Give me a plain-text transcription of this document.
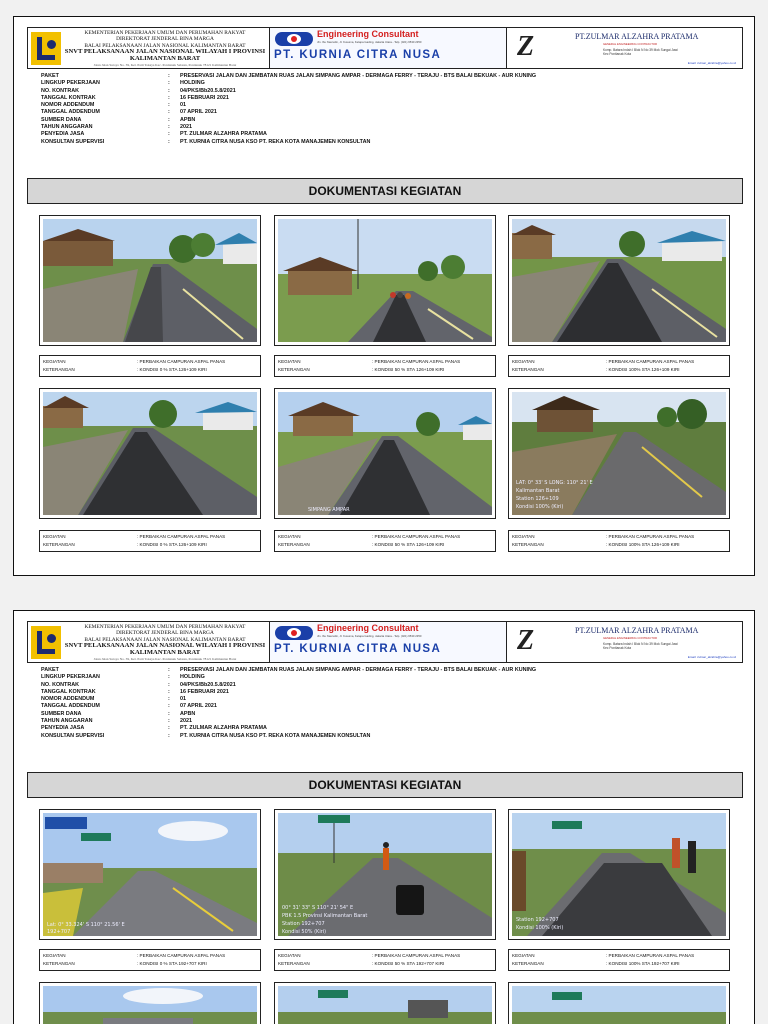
KEMENTERIAN PEKERJAAN UMUM DAN PERUMAHAN RAKYAT
DIREKTORAT JENDERAL BINA MARGA
BALAI PELAKSANAAN JALAN NASIONAL KALIMANTAN BARAT
SNVT PELAKSANAAN JALAN NASIONAL WILAYAH I PROVINSI KALIMANTAN BARAT
Jalan Jalan Sutoyo No. 39, Kel. Parit Tokaya Kec. Pontianak Selatan, Pontianak 78121 Kalimantan Barat
Engineering Consultant
Jln. Ibu Nasrudin, Jl. Kusuma, Kelapa Gading, Jakarta Utara - Telp. (021) 6530 2350
PT. KURNIA CITRA NUSA	Z	PT.ZULMAR ALZAHRA PRATAMA
GENERAL ENGINEERING CONTRACTOR
Komp. Batara Indah I Blok N No 39 Mok Sungai Jawi
Kec Pontianak Kota
Email: zulmar_alzahra@yahoo.co.id
PAKET	:	PRESERVASI JALAN DAN JEMBATAN RUAS JALAN SIMPANG AMPAR - DERMAGA FERRY - TERAJU - BTS BALAI BEKUAK - AUR KUNING
LINGKUP PEKERJAAN	:	HOLDING
NO. KONTRAK	:	04/PKS/Bb20.5.8/2021
TANGGAL KONTRAK	:	16 FEBRUARI 2021
NOMOR ADDENDUM	:	01
TANGGAL ADDENDUM	:	07 APRIL 2021
SUMBER DANA	:	APBN
TAHUN ANGGARAN	:	2021
PENYEDIA JASA	:	PT. ZULMAR ALZAHRA PRATAMA
KONSULTAN SUPERVISI	:	PT. KURNIA CITRA NUSA KSO PT. REKA KOTA MANAJEMEN KONSULTAN
DOKUMENTASI KEGIATAN
KEGIATAN	: PERBAIKAN CAMPURAN ASPAL PANAS
KETERANGAN	: KONDISI 0 % STA 126+109 KIRI
KEGIATAN	: PERBAIKAN CAMPURAN ASPAL PANAS
KETERANGAN	: KONDISI 50 % STA 126+109 KIRI
KEGIATAN	: PERBAIKAN CAMPURAN ASPAL PANAS
KETERANGAN	: KONDISI 100% STA 126+109 KIRI
SIMPANG AMPAR
LAT: 0° 33' S LONG: 110° 21' E
Kalimantan Barat
Station 126+109
Kondisi 100% (Kiri)
KEGIATAN	: PERBAIKAN CAMPURAN ASPAL PANAS
KETERANGAN	: KONDISI 0 % STA 126+109 KIRI
KEGIATAN	: PERBAIKAN CAMPURAN ASPAL PANAS
KETERANGAN	: KONDISI 50 % STA 126+109 KIRI
KEGIATAN	: PERBAIKAN CAMPURAN ASPAL PANAS
KETERANGAN	: KONDISI 100% STA 126+109 KIRI
KEMENTERIAN PEKERJAAN UMUM DAN PERUMAHAN RAKYAT
DIREKTORAT JENDERAL BINA MARGA
BALAI PELAKSANAAN JALAN NASIONAL KALIMANTAN BARAT
SNVT PELAKSANAAN JALAN NASIONAL WILAYAH I PROVINSI KALIMANTAN BARAT
Jalan Jalan Sutoyo No. 39, Kel. Parit Tokaya Kec. Pontianak Selatan, Pontianak 78121 Kalimantan Barat
Engineering Consultant
Jln. Ibu Nasrudin, Jl. Kusuma, Kelapa Gading, Jakarta Utara - Telp. (021) 6530 2350
PT. KURNIA CITRA NUSA	Z	PT.ZULMAR ALZAHRA PRATAMA
GENERAL ENGINEERING CONTRACTOR
Komp. Batara Indah I Blok N No 39 Mok Sungai Jawi
Kec Pontianak Kota
Email: zulmar_alzahra@yahoo.co.id
PAKET	:	PRESERVASI JALAN DAN JEMBATAN RUAS JALAN SIMPANG AMPAR - DERMAGA FERRY - TERAJU - BTS BALAI BEKUAK - AUR KUNING
LINGKUP PEKERJAAN	:	HOLDING
NO. KONTRAK	:	04/PKS/Bb20.5.8/2021
TANGGAL KONTRAK	:	16 FEBRUARI 2021
NOMOR ADDENDUM	:	01
TANGGAL ADDENDUM	:	07 APRIL 2021
SUMBER DANA	:	APBN
TAHUN ANGGARAN	:	2021
PENYEDIA JASA	:	PT. ZULMAR ALZAHRA PRATAMA
KONSULTAN SUPERVISI	:	PT. KURNIA CITRA NUSA KSO PT. REKA KOTA MANAJEMEN KONSULTAN
DOKUMENTASI KEGIATAN
Lat: 0° 33.324' S 110° 21.56' E
192+707
00° 31' 33" S 110° 21' 54" E
PBK 1.5 Provinsi Kalimantan Barat
Station 192+707
Kondisi 50% (Kiri)
Station 192+707
Kondisi 100% (Kiri)
KEGIATAN	: PERBAIKAN CAMPURAN ASPAL PANAS
KETERANGAN	: KONDISI 0 % STA 192+707 KIRI
KEGIATAN	: PERBAIKAN CAMPURAN ASPAL PANAS
KETERANGAN	: KONDISI 50 % STA 192+707 KIRI
KEGIATAN	: PERBAIKAN CAMPURAN ASPAL PANAS
KETERANGAN	: KONDISI 100% STA 192+707 KIRI
